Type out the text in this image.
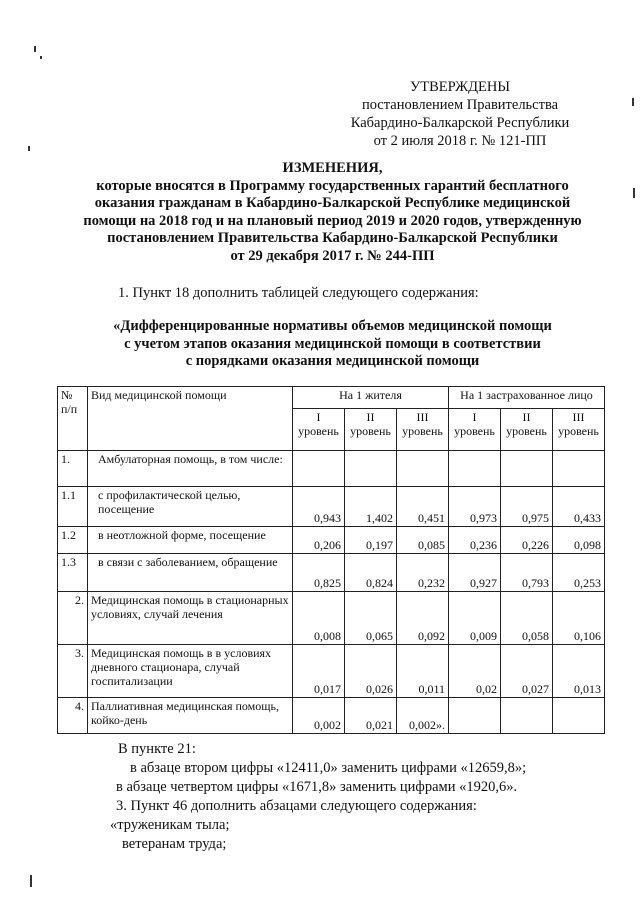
УТВЕРЖДЕНЫ
постановлением Правительства
Кабардино-Балкарской Республики
от 2 июля 2018 г. № 121-ПП
ИЗМЕНЕНИЯ,
которые вносятся в Программу государственных гарантий бесплатного
оказания гражданам в Кабардино-Балкарской Республике медицинской
помощи на 2018 год и на плановый период 2019 и 2020 годов, утвержденную
постановлением Правительства Кабардино-Балкарской Республики
от 29 декабря 2017 г. № 244-ПП
1. Пункт 18 дополнить таблицей следующего содержания:
«Дифференцированные нормативы объемов медицинской помощи
с учетом этапов оказания медицинской помощи в соответствии
с порядками оказания медицинской помощи
№ п/п	Вид медицинской помощи	На 1 жителя			На 1 застрахованное лицо		
		I уровень	II уровень	III уровень	I уровень	II уровень	III уровень
1.	Амбулаторная помощь, в том числе:						
1.1	с профилактической целью, посещение	0,943	1,402	0,451	0,973	0,975	0,433
1.2	в неотложной форме, посещение	0,206	0,197	0,085	0,236	0,226	0,098
1.3	в связи с заболеванием, обращение	0,825	0,824	0,232	0,927	0,793	0,253
2.	Медицинская помощь в стационарных условиях, случай лечения	0,008	0,065	0,092	0,009	0,058	0,106
3.	Медицинская помощь в в условиях дневного стационара, случай госпитализации	0,017	0,026	0,011	0,02	0,027	0,013
4.	Паллиативная медицинская помощь, койко-день	0,002	0,021	0,002».			
В пункте 21:
в абзаце втором цифры «12411,0» заменить цифрами «12659,8»;
в абзаце четвертом цифры «1671,8» заменить цифрами «1920,6».
3. Пункт 46 дополнить абзацами следующего содержания:
«труженикам тыла;
ветеранам труда;
